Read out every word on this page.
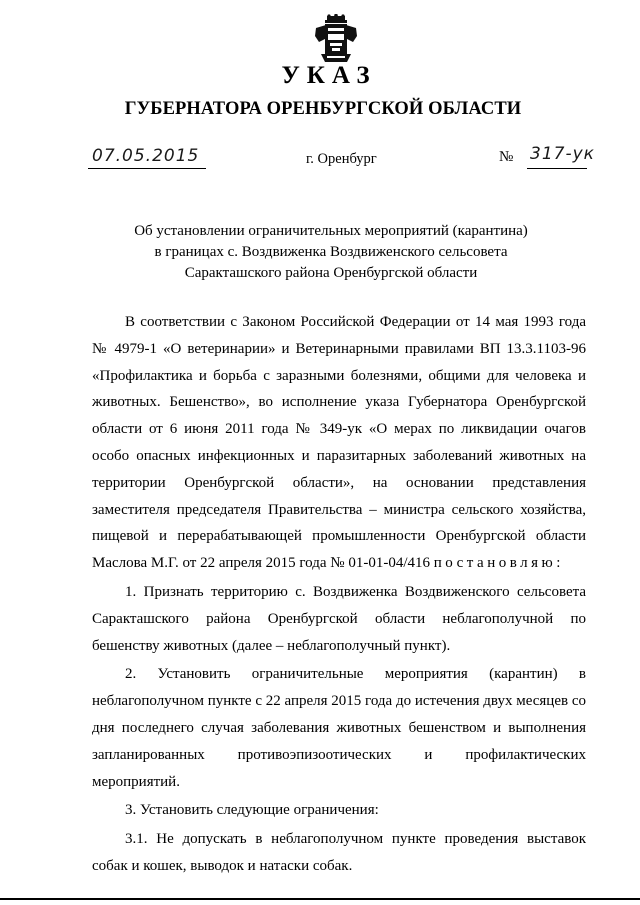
УКАЗ
ГУБЕРНАТОРА ОРЕНБУРГСКОЙ ОБЛАСТИ
07.05.2015	г. Оренбург	№ 317-ук
Об установлении ограничительных мероприятий (карантина)
в границах с. Воздвиженка Воздвиженского сельсовета
Саракташского района Оренбургской области

В соответствии с Законом Российской Федерации от 14 мая 1993 года № 4979-1 «О ветеринарии» и Ветеринарными правилами ВП 13.3.1103-96 «Профилактика и борьба с заразными болезнями, общими для человека и животных. Бешенство», во исполнение указа Губернатора Оренбургской области от 6 июня 2011 года № 349-ук «О мерах по ликвидации очагов особо опасных инфекционных и паразитарных заболеваний животных на территории Оренбургской области», на основании представления заместителя председателя Правительства – министра сельского хозяйства, пищевой и перерабатывающей промышленности Оренбургской области Маслова М.Г. от 22 апреля 2015 года № 01-01-04/416 постановляю:

1. Признать территорию с. Воздвиженка Воздвиженского сельсовета Саракташского района Оренбургской области неблагополучной по бешенству животных (далее – неблагополучный пункт).

2. Установить ограничительные мероприятия (карантин) в неблагополучном пункте с 22 апреля 2015 года до истечения двух месяцев со дня последнего случая заболевания животных бешенством и выполнения запланированных противоэпизоотических и профилактических мероприятий.

3. Установить следующие ограничения:

3.1. Не допускать в неблагополучном пункте проведения выставок собак и кошек, выводок и натаски собак.
